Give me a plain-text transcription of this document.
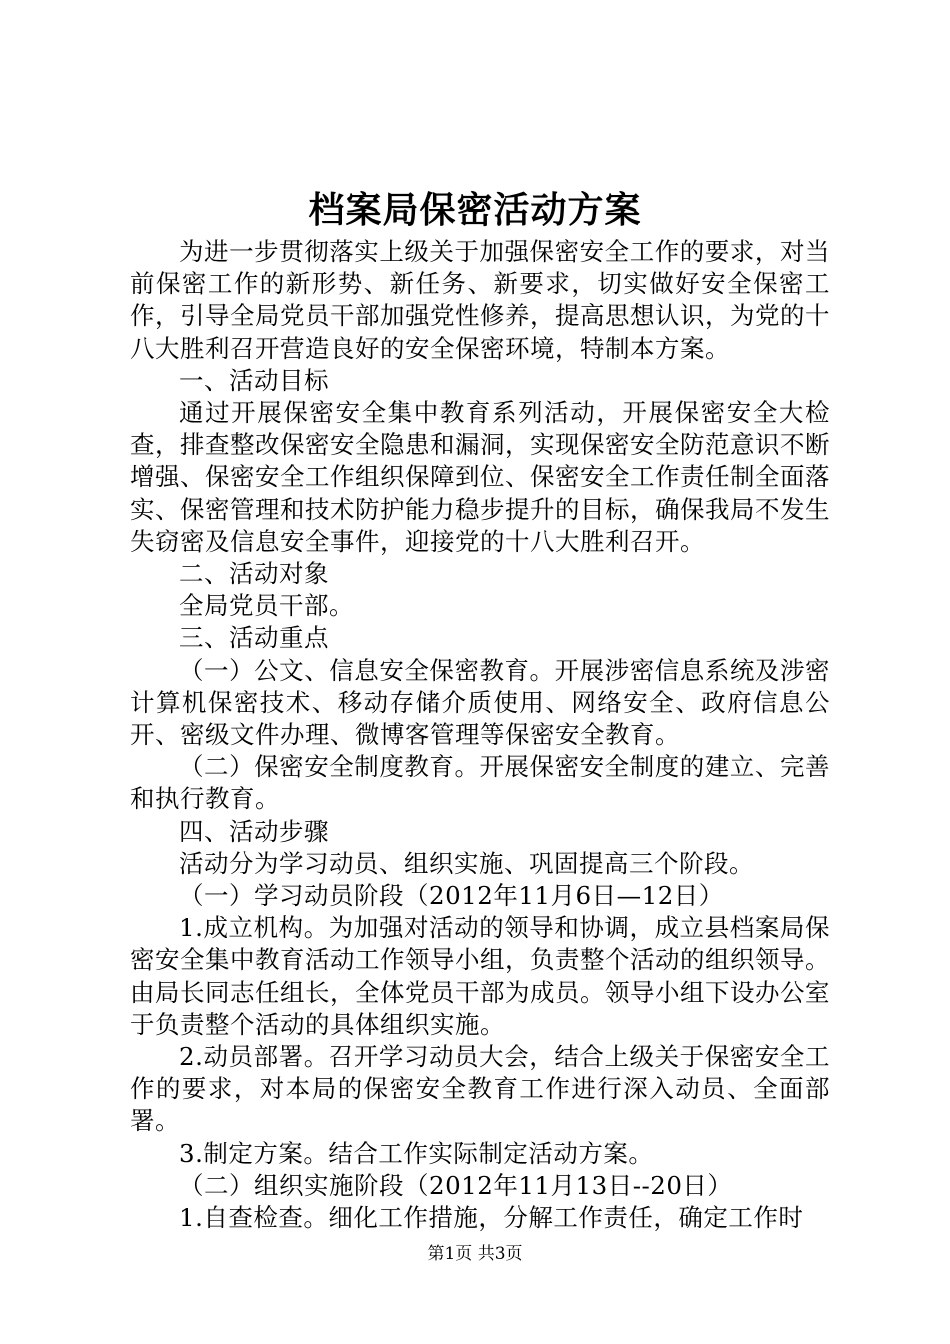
档案局保密活动方案

为进一步贯彻落实上级关于加强保密安全工作的要求，对当前保密工作的新形势、新任务、新要求，切实做好安全保密工作，引导全局党员干部加强党性修养，提高思想认识，为党的十八大胜利召开营造良好的安全保密环境，特制本方案。

一、活动目标

通过开展保密安全集中教育系列活动，开展保密安全大检查，排查整改保密安全隐患和漏洞，实现保密安全防范意识不断增强、保密安全工作组织保障到位、保密安全工作责任制全面落实、保密管理和技术防护能力稳步提升的目标，确保我局不发生失窃密及信息安全事件，迎接党的十八大胜利召开。

二、活动对象

全局党员干部。

三、活动重点

（一）公文、信息安全保密教育。开展涉密信息系统及涉密计算机保密技术、移动存储介质使用、网络安全、政府信息公开、密级文件办理、微博客管理等保密安全教育。

（二）保密安全制度教育。开展保密安全制度的建立、完善和执行教育。

四、活动步骤

活动分为学习动员、组织实施、巩固提高三个阶段。

（一）学习动员阶段（2012年11月6日—12日）

1.成立机构。为加强对活动的领导和协调，成立县档案局保密安全集中教育活动工作领导小组，负责整个活动的组织领导。由局长同志任组长，全体党员干部为成员。领导小组下设办公室于负责整个活动的具体组织实施。

2.动员部署。召开学习动员大会，结合上级关于保密安全工作的要求，对本局的保密安全教育工作进行深入动员、全面部署。

3.制定方案。结合工作实际制定活动方案。

（二）组织实施阶段（2012年11月13日--20日）

1.自查检查。细化工作措施，分解工作责任，确定工作时

第1页 共3页
